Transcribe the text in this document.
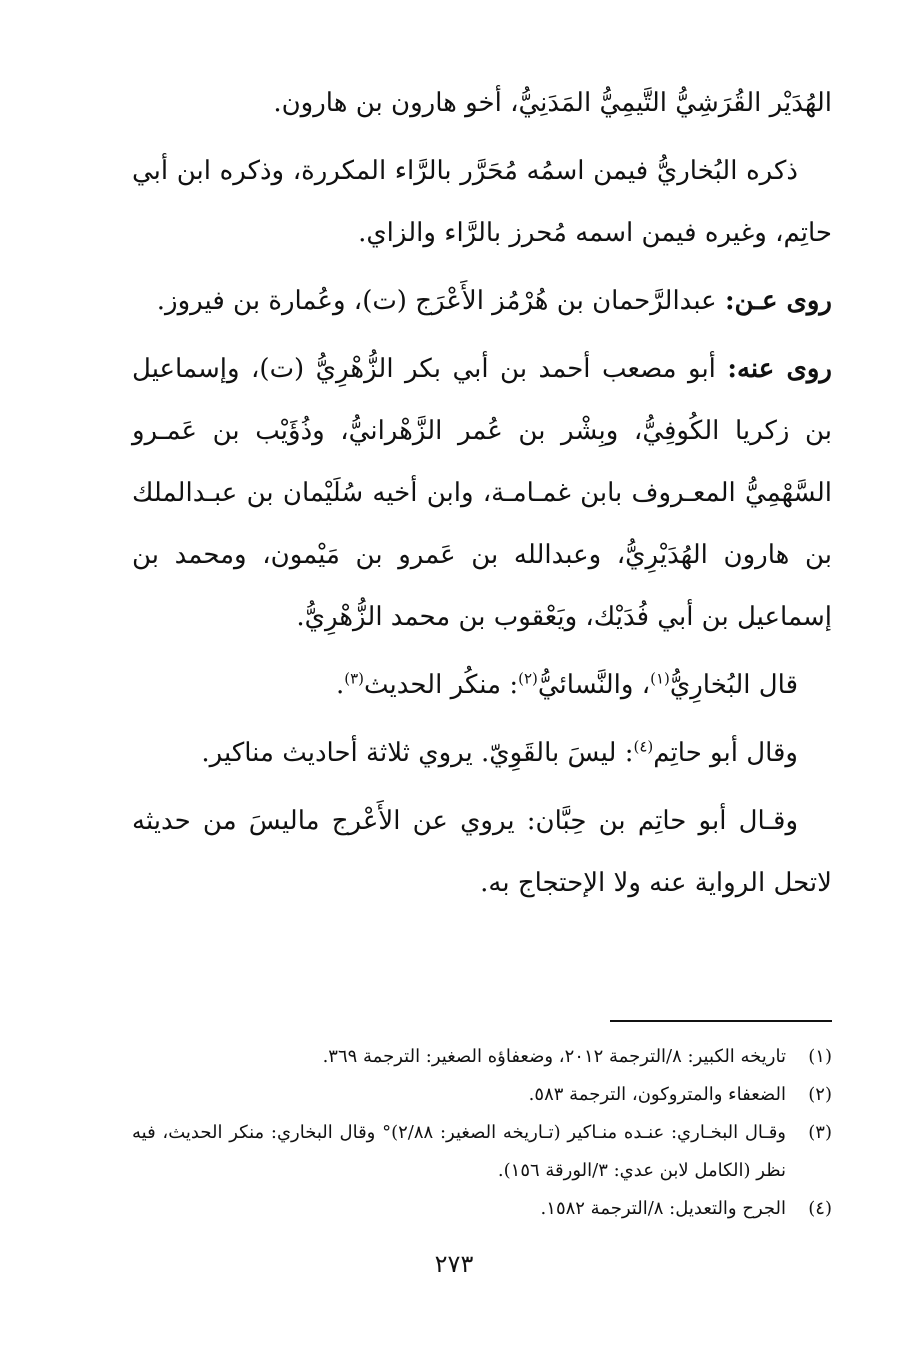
الهُدَيْر القُرَشِيُّ التَّيمِيُّ المَدَنِيُّ، أخو هارون بن هارون.

ذكره البُخاريُّ فيمن اسمُه مُحَرَّر بالرَّاء المكررة، وذكره ابن أبي حاتِم، وغيره فيمن اسمه مُحرز بالرَّاء والزاي.

روى عـن: عبدالرَّحمان بن هُرْمُز الأَعْرَج (ت)، وعُمارة بن فيروز.

روى عنه: أبو مصعب أحمد بن أبي بكر الزُّهْرِيُّ (ت)، وإسماعيل بن زكريا الكُوفِيُّ، وبِشْر بن عُمر الزَّهْرانيُّ، وذُؤَيْب بن عَمـرو السَّهْمِيُّ المعـروف بابن غمـامـة، وابن أخيه سُلَيْمان بن عبـدالملك بن هارون الهُدَيْرِيُّ، وعبدالله بن عَمرو بن مَيْمون، ومحمد بن إسماعيل بن أبي فُدَيْك، ويَعْقوب بن محمد الزُّهْرِيُّ.

قال البُخارِيُّ$^{(١)}$، والنَّسائيُّ$^{(٢)}$: منكُر الحديث$^{(٣)}$.

وقال أبو حاتِم$^{(٤)}$: ليسَ بالقَوِيّ. يروي ثلاثة أحاديث مناكير.

وقـال أبو حاتِم بن حِبَّان: يروي عن الأَعْرج ماليسَ من حديثه لاتحل الرواية عنه ولا الإحتجاج به.

(١)
تاريخه الكبير: ٨/الترجمة ٢٠١٢، وضعفاؤه الصغير: الترجمة ٣٦٩.
(٢)
الضعفاء والمتروكون، الترجمة ٥٨٣.
(٣)
وقـال البخـاري: عنـده منـاكير (تـاريخه الصغير: ٢/٨٨)° وقال البخاري: منكر الحديث، فيه نظر (الكامل لابن عدي: ٣/الورقة ١٥٦).
(٤)
الجرح والتعديل: ٨/الترجمة ١٥٨٢.
٢٧٣
